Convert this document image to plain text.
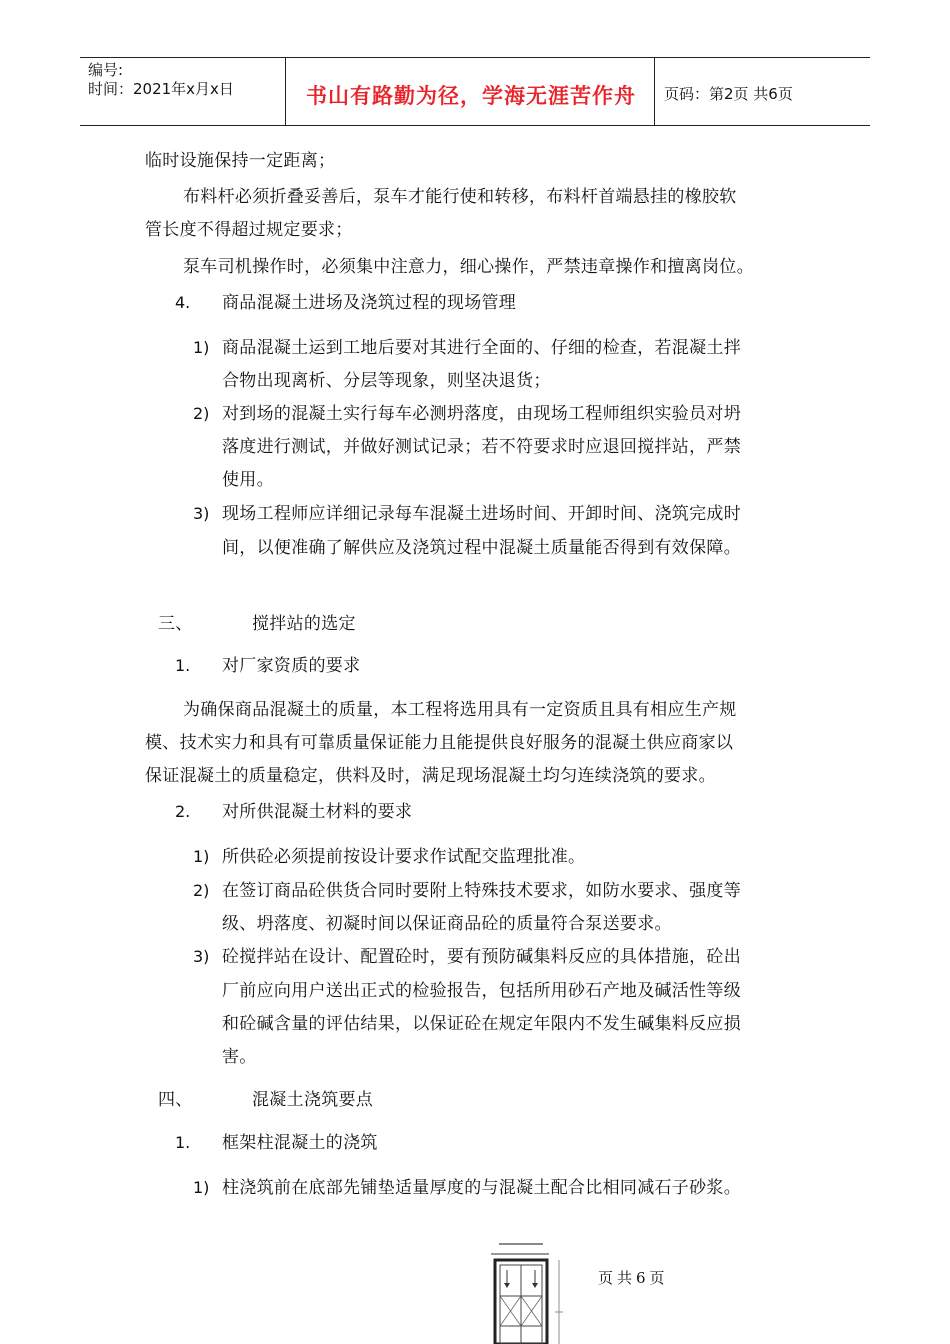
编号:
时间：2021年x月x日	书山有路勤为径，学海无涯苦作舟	页码：第2页 共6页
临时设施保持一定距离；
布料杆必须折叠妥善后，泵车才能行使和转移，布料杆首端悬挂的橡胶软
管长度不得超过规定要求；
泵车司机操作时，必须集中注意力，细心操作，严禁违章操作和擅离岗位。
4. 商品混凝土进场及浇筑过程的现场管理
1) 商品混凝土运到工地后要对其进行全面的、仔细的检查，若混凝土拌
合物出现离析、分层等现象，则坚决退货；
2) 对到场的混凝土实行每车必测坍落度，由现场工程师组织实验员对坍
落度进行测试，并做好测试记录；若不符要求时应退回搅拌站，严禁
使用。
3) 现场工程师应详细记录每车混凝土进场时间、开卸时间、浇筑完成时
间，以便准确了解供应及浇筑过程中混凝土质量能否得到有效保障。
三、	搅拌站的选定
1. 对厂家资质的要求
为确保商品混凝土的质量，本工程将选用具有一定资质且具有相应生产规
模、技术实力和具有可靠质量保证能力且能提供良好服务的混凝土供应商家以
保证混凝土的质量稳定，供料及时，满足现场混凝土均匀连续浇筑的要求。
2. 对所供混凝土材料的要求
1) 所供砼必须提前按设计要求作试配交监理批准。
2) 在签订商品砼供货合同时要附上特殊技术要求，如防水要求、强度等
级、坍落度、初凝时间以保证商品砼的质量符合泵送要求。
3) 砼搅拌站在设计、配置砼时，要有预防碱集料反应的具体措施，砼出
厂前应向用户送出正式的检验报告，包括所用砂石产地及碱活性等级
和砼碱含量的评估结果，以保证砼在规定年限内不发生碱集料反应损
害。
四、	混凝土浇筑要点
1. 框架柱混凝土的浇筑
1) 柱浇筑前在底部先铺垫适量厚度的与混凝土配合比相同减石子砂浆。
页共6页
